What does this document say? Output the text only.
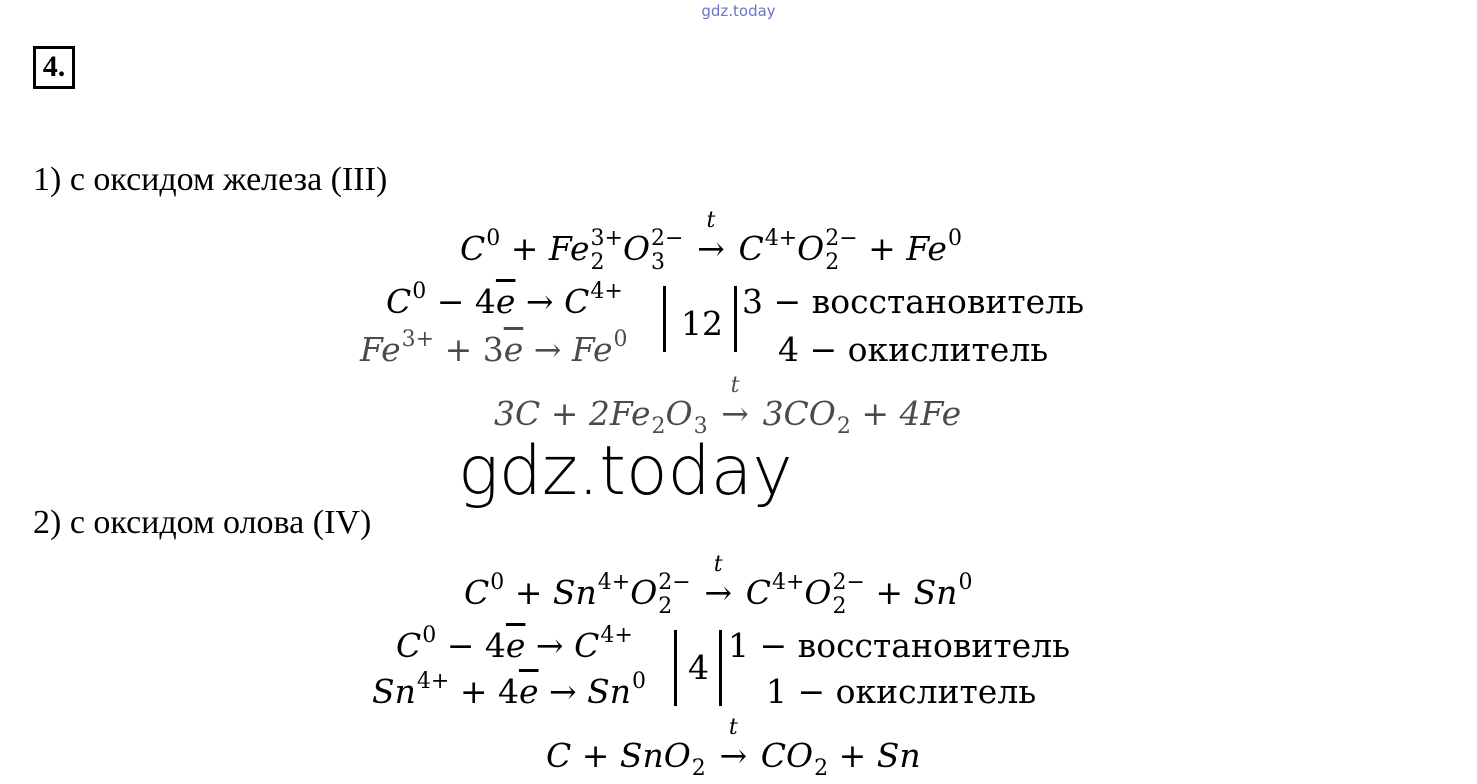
gdz.today
4.
1) с оксидом железа (III)
$C^0 + Fe$ 3+
2 O 2−
3

t
→ $C^{4+}O$ 2−
$2 + Fe^0$
$C^0 - 4\overline{e} \to C^{4+}$
$Fe^{3+} + 3\overline{e} \to Fe^0$ 12
3 − восстановитель
4 − окислитель
$3C + 2Fe_2O_3$
t
→ $3CO_2 + 4Fe$
gdz.today
2) с оксидом олова (IV)
$C^0 + Sn^{4+}O$ 2−
2

t
→ $C^{4+}O$ 2−
$2 + Sn^0$
$C^0 - 4\overline{e} \to C^{4+}$
$Sn^{4+} + 4\overline{e} \to Sn^0$ 4
1 − восстановитель
1 − окислитель
C + SnO$_2$
t
→ $CO_2 + Sn$
